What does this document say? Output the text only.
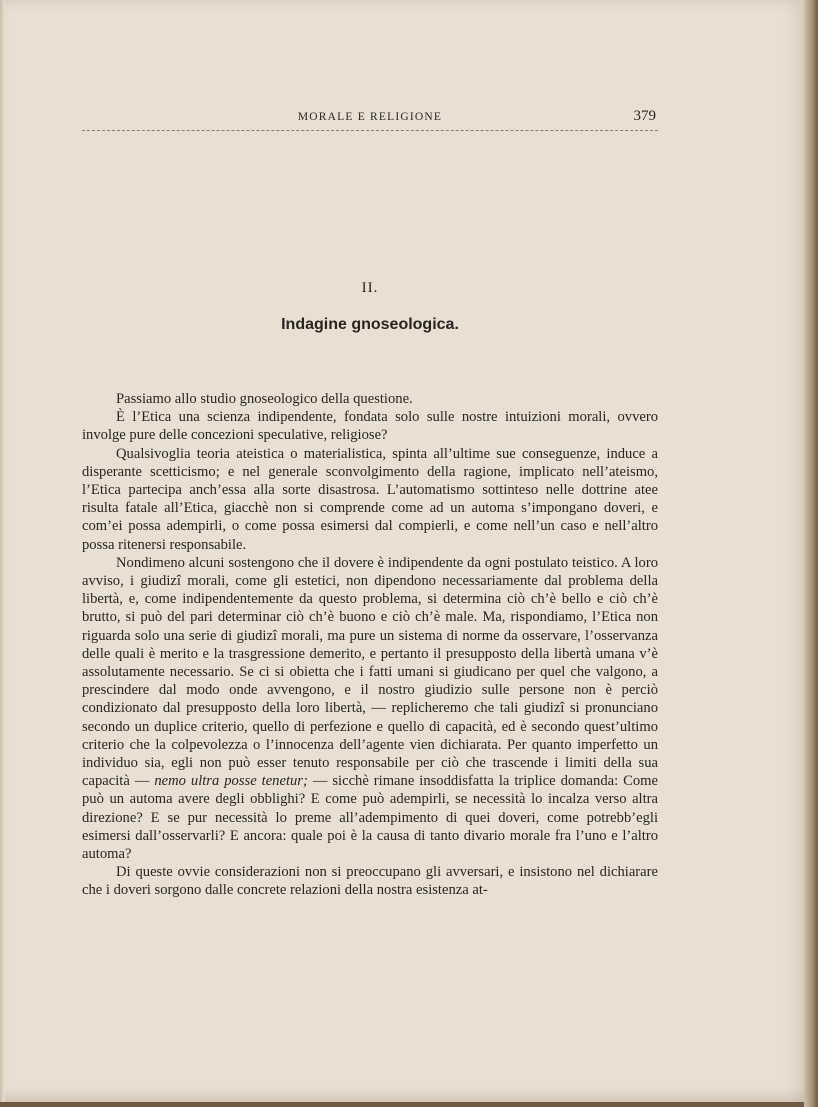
MORALE E RELIGIONE	379
II.
Indagine gnoseologica.

Passiamo allo studio gnoseologico della questione.

È l’Etica una scienza indipendente, fondata solo sulle nostre intuizioni morali, ovvero involge pure delle concezioni speculative, religiose?

Qualsivoglia teoria ateistica o materialistica, spinta all’ultime sue conseguenze, induce a disperante scetticismo; e nel generale sconvolgimento della ragione, implicato nell’ateismo, l’Etica partecipa anch’essa alla sorte disastrosa. L’automatismo sottinteso nelle dottrine atee risulta fatale all’Etica, giacchè non si comprende come ad un automa s’impongano doveri, e com’ei possa adempirli, o come possa esimersi dal compierli, e come nell’un caso e nell’altro possa ritenersi responsabile.

Nondimeno alcuni sostengono che il dovere è indipendente da ogni postulato teistico. A loro avviso, i giudizî morali, come gli estetici, non dipendono necessariamente dal problema della libertà, e, come indipendentemente da questo problema, si determina ciò ch’è bello e ciò ch’è brutto, si può del pari determinar ciò ch’è buono e ciò ch’è male. Ma, rispondiamo, l’Etica non riguarda solo una serie di giudizî morali, ma pure un sistema di norme da osservare, l’osservanza delle quali è merito e la trasgressione demerito, e pertanto il presupposto della libertà umana v’è assolutamente necessario. Se ci si obietta che i fatti umani si giudicano per quel che valgono, a prescindere dal modo onde avvengono, e il nostro giudizio sulle persone non è perciò condizionato dal presupposto della loro libertà, — replicheremo che tali giudizî si pronunciano secondo un duplice criterio, quello di perfezione e quello di capacità, ed è secondo quest’ultimo criterio che la colpevolezza o l’innocenza dell’agente vien dichiarata. Per quanto imperfetto un individuo sia, egli non può esser tenuto responsabile per ciò che trascende i limiti della sua capacità — nemo ultra posse tenetur; — sicchè rimane insoddisfatta la triplice domanda: Come può un automa avere degli obblighi? E come può adempirli, se necessità lo incalza verso altra direzione? E se pur necessità lo preme all’adempimento di quei doveri, come potrebb’egli esimersi dall’osservarli? E ancora: quale poi è la causa di tanto divario morale fra l’uno e l’altro automa?

Di queste ovvie considerazioni non si preoccupano gli avversari, e insistono nel dichiarare che i doveri sorgono dalle concrete relazioni della nostra esistenza at-
